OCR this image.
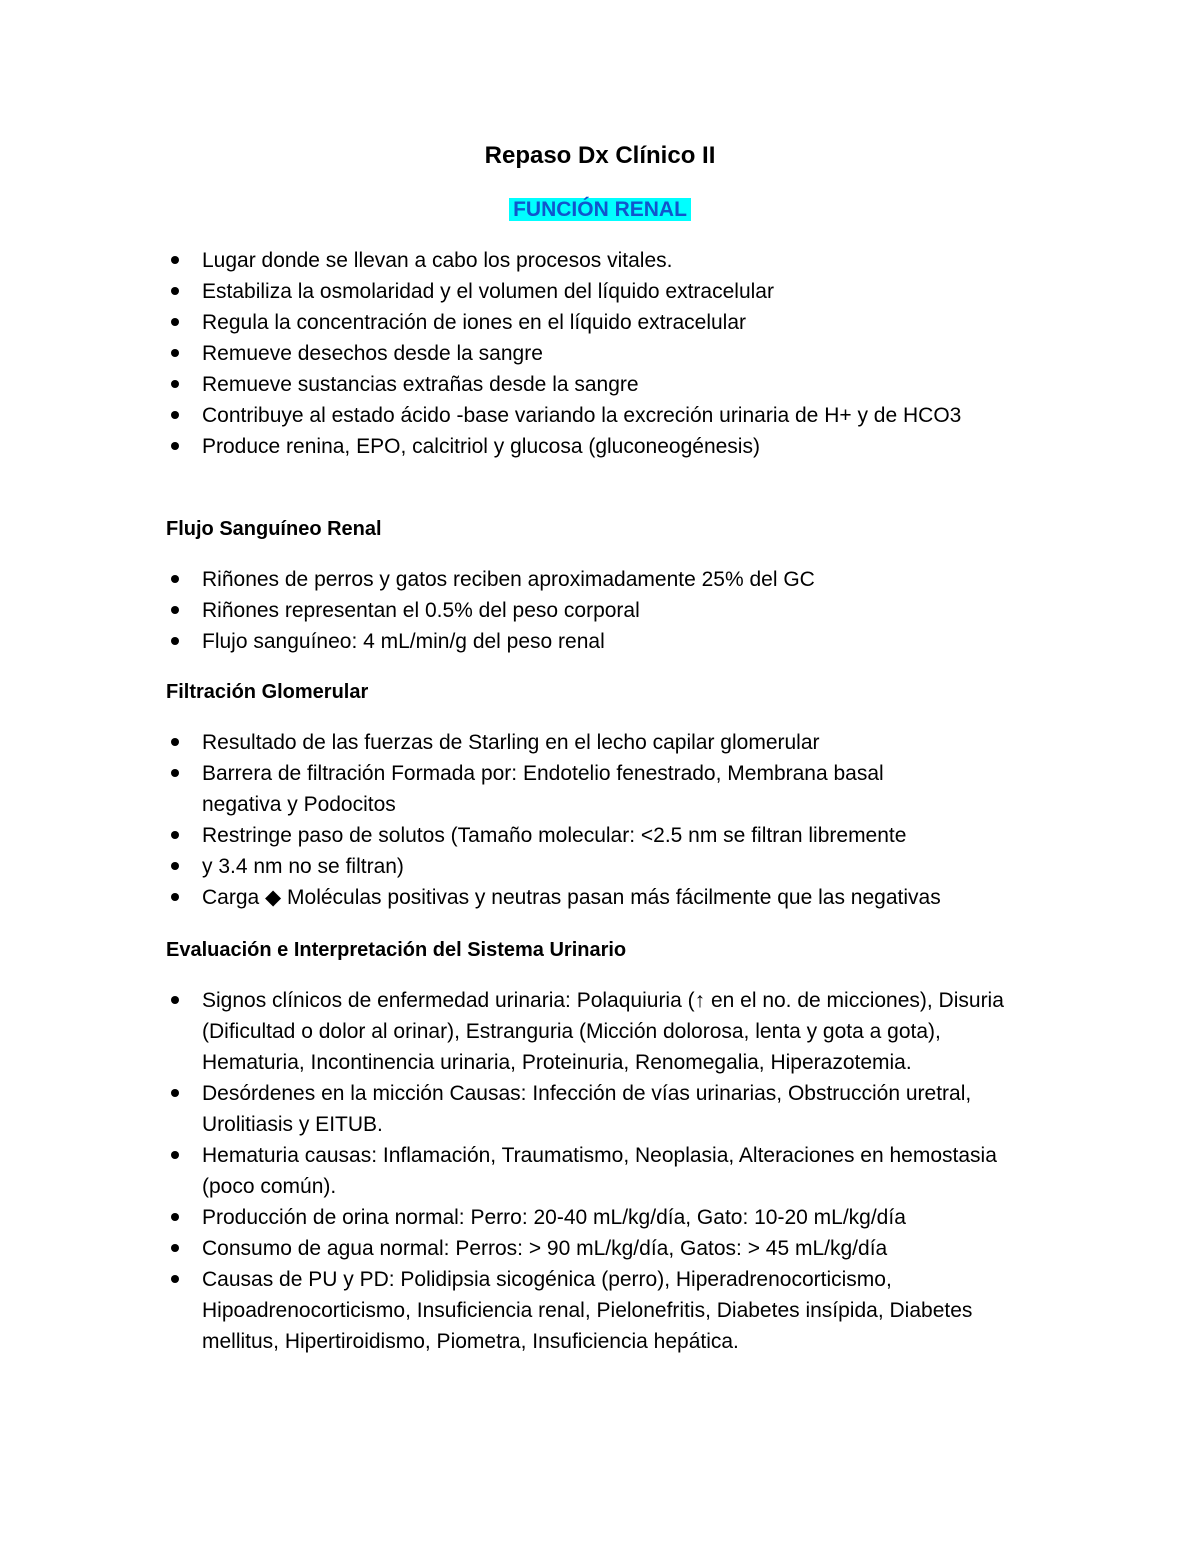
Repaso Dx Clínico II
FUNCIÓN RENAL
Lugar donde se llevan a cabo los procesos vitales.
Estabiliza la osmolaridad y el volumen del líquido extracelular
Regula la concentración de iones en el líquido extracelular
Remueve desechos desde la sangre
Remueve sustancias extrañas desde la sangre
Contribuye al estado ácido -base variando la excreción urinaria de H+ y de HCO3
Produce renina, EPO, calcitriol y glucosa (gluconeogénesis)
Flujo Sanguíneo Renal
Riñones de perros y gatos reciben aproximadamente 25% del GC
Riñones representan el 0.5% del peso corporal
Flujo sanguíneo: 4 mL/min/g del peso renal
Filtración Glomerular
Resultado de las fuerzas de Starling en el lecho capilar glomerular
Barrera de filtración Formada por: Endotelio fenestrado, Membrana basal negativa y Podocitos
Restringe paso de solutos (Tamaño molecular: <2.5 nm se filtran libremente
y 3.4 nm no se filtran)
Carga ◆ Moléculas positivas y neutras pasan más fácilmente que las negativas
Evaluación e Interpretación del Sistema Urinario
Signos clínicos de enfermedad urinaria: Polaquiuria (↑ en el no. de micciones), Disuria (Dificultad o dolor al orinar), Estranguria (Micción dolorosa, lenta y gota a gota), Hematuria, Incontinencia urinaria, Proteinuria, Renomegalia, Hiperazotemia.
Desórdenes en la micción Causas: Infección de vías urinarias, Obstrucción uretral, Urolitiasis y EITUB.
Hematuria causas: Inflamación, Traumatismo, Neoplasia, Alteraciones en hemostasia (poco común).
Producción de orina normal: Perro: 20-40 mL/kg/día, Gato: 10-20 mL/kg/día
Consumo de agua normal: Perros: > 90 mL/kg/día, Gatos: > 45 mL/kg/día
Causas de PU y PD: Polidipsia sicogénica (perro), Hiperadrenocorticismo, Hipoadrenocorticismo, Insuficiencia renal, Pielonefritis, Diabetes insípida, Diabetes mellitus, Hipertiroidismo, Piometra, Insuficiencia hepática.
